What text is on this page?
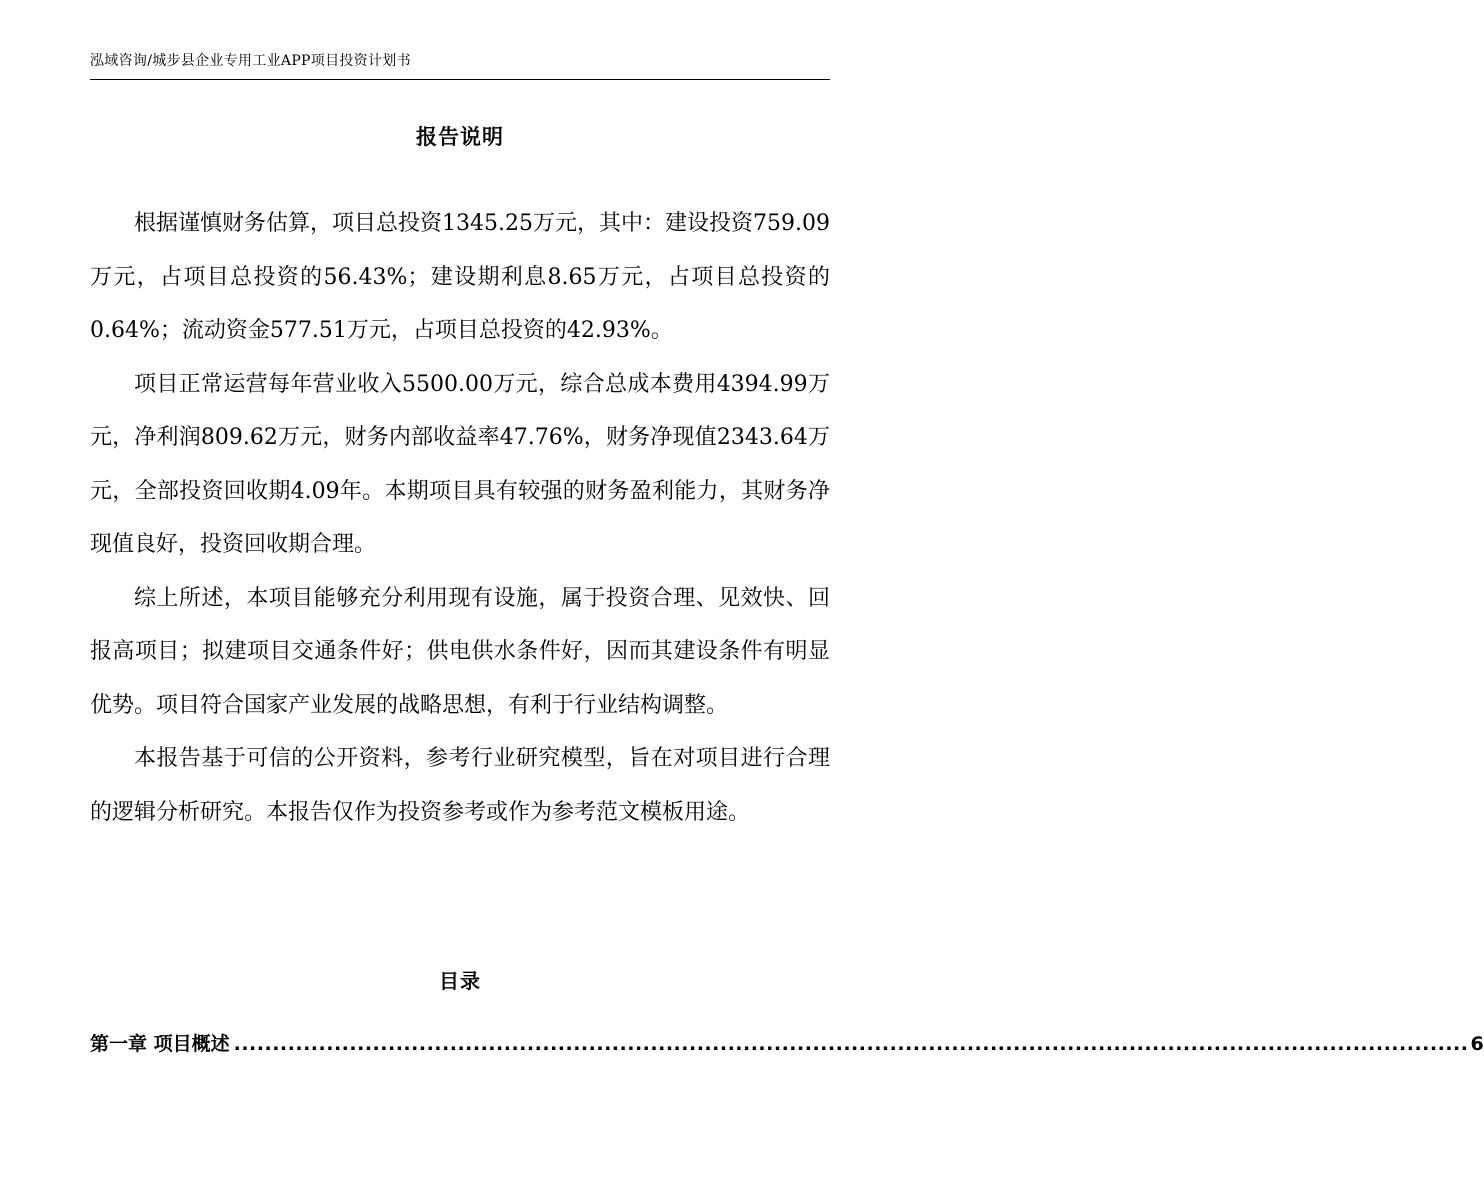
泓域咨询/城步县企业专用工业APP项目投资计划书
报告说明

根据谨慎财务估算，项目总投资1345.25万元，其中：建设投资759.09万元，占项目总投资的56.43%；建设期利息8.65万元，占项目总投资的0.64%；流动资金577.51万元，占项目总投资的42.93%。

项目正常运营每年营业收入5500.00万元，综合总成本费用4394.99万元，净利润809.62万元，财务内部收益率47.76%，财务净现值2343.64万元，全部投资回收期4.09年。本期项目具有较强的财务盈利能力，其财务净现值良好，投资回收期合理。

综上所述，本项目能够充分利用现有设施，属于投资合理、见效快、回报高项目；拟建项目交通条件好；供电供水条件好，因而其建设条件有明显优势。项目符合国家产业发展的战略思想，有利于行业结构调整。

本报告基于可信的公开资料，参考行业研究模型，旨在对项目进行合理的逻辑分析研究。本报告仅作为投资参考或作为参考范文模板用途。

目录
第一章 项目概述 ................................................................................................................................................................ 6
